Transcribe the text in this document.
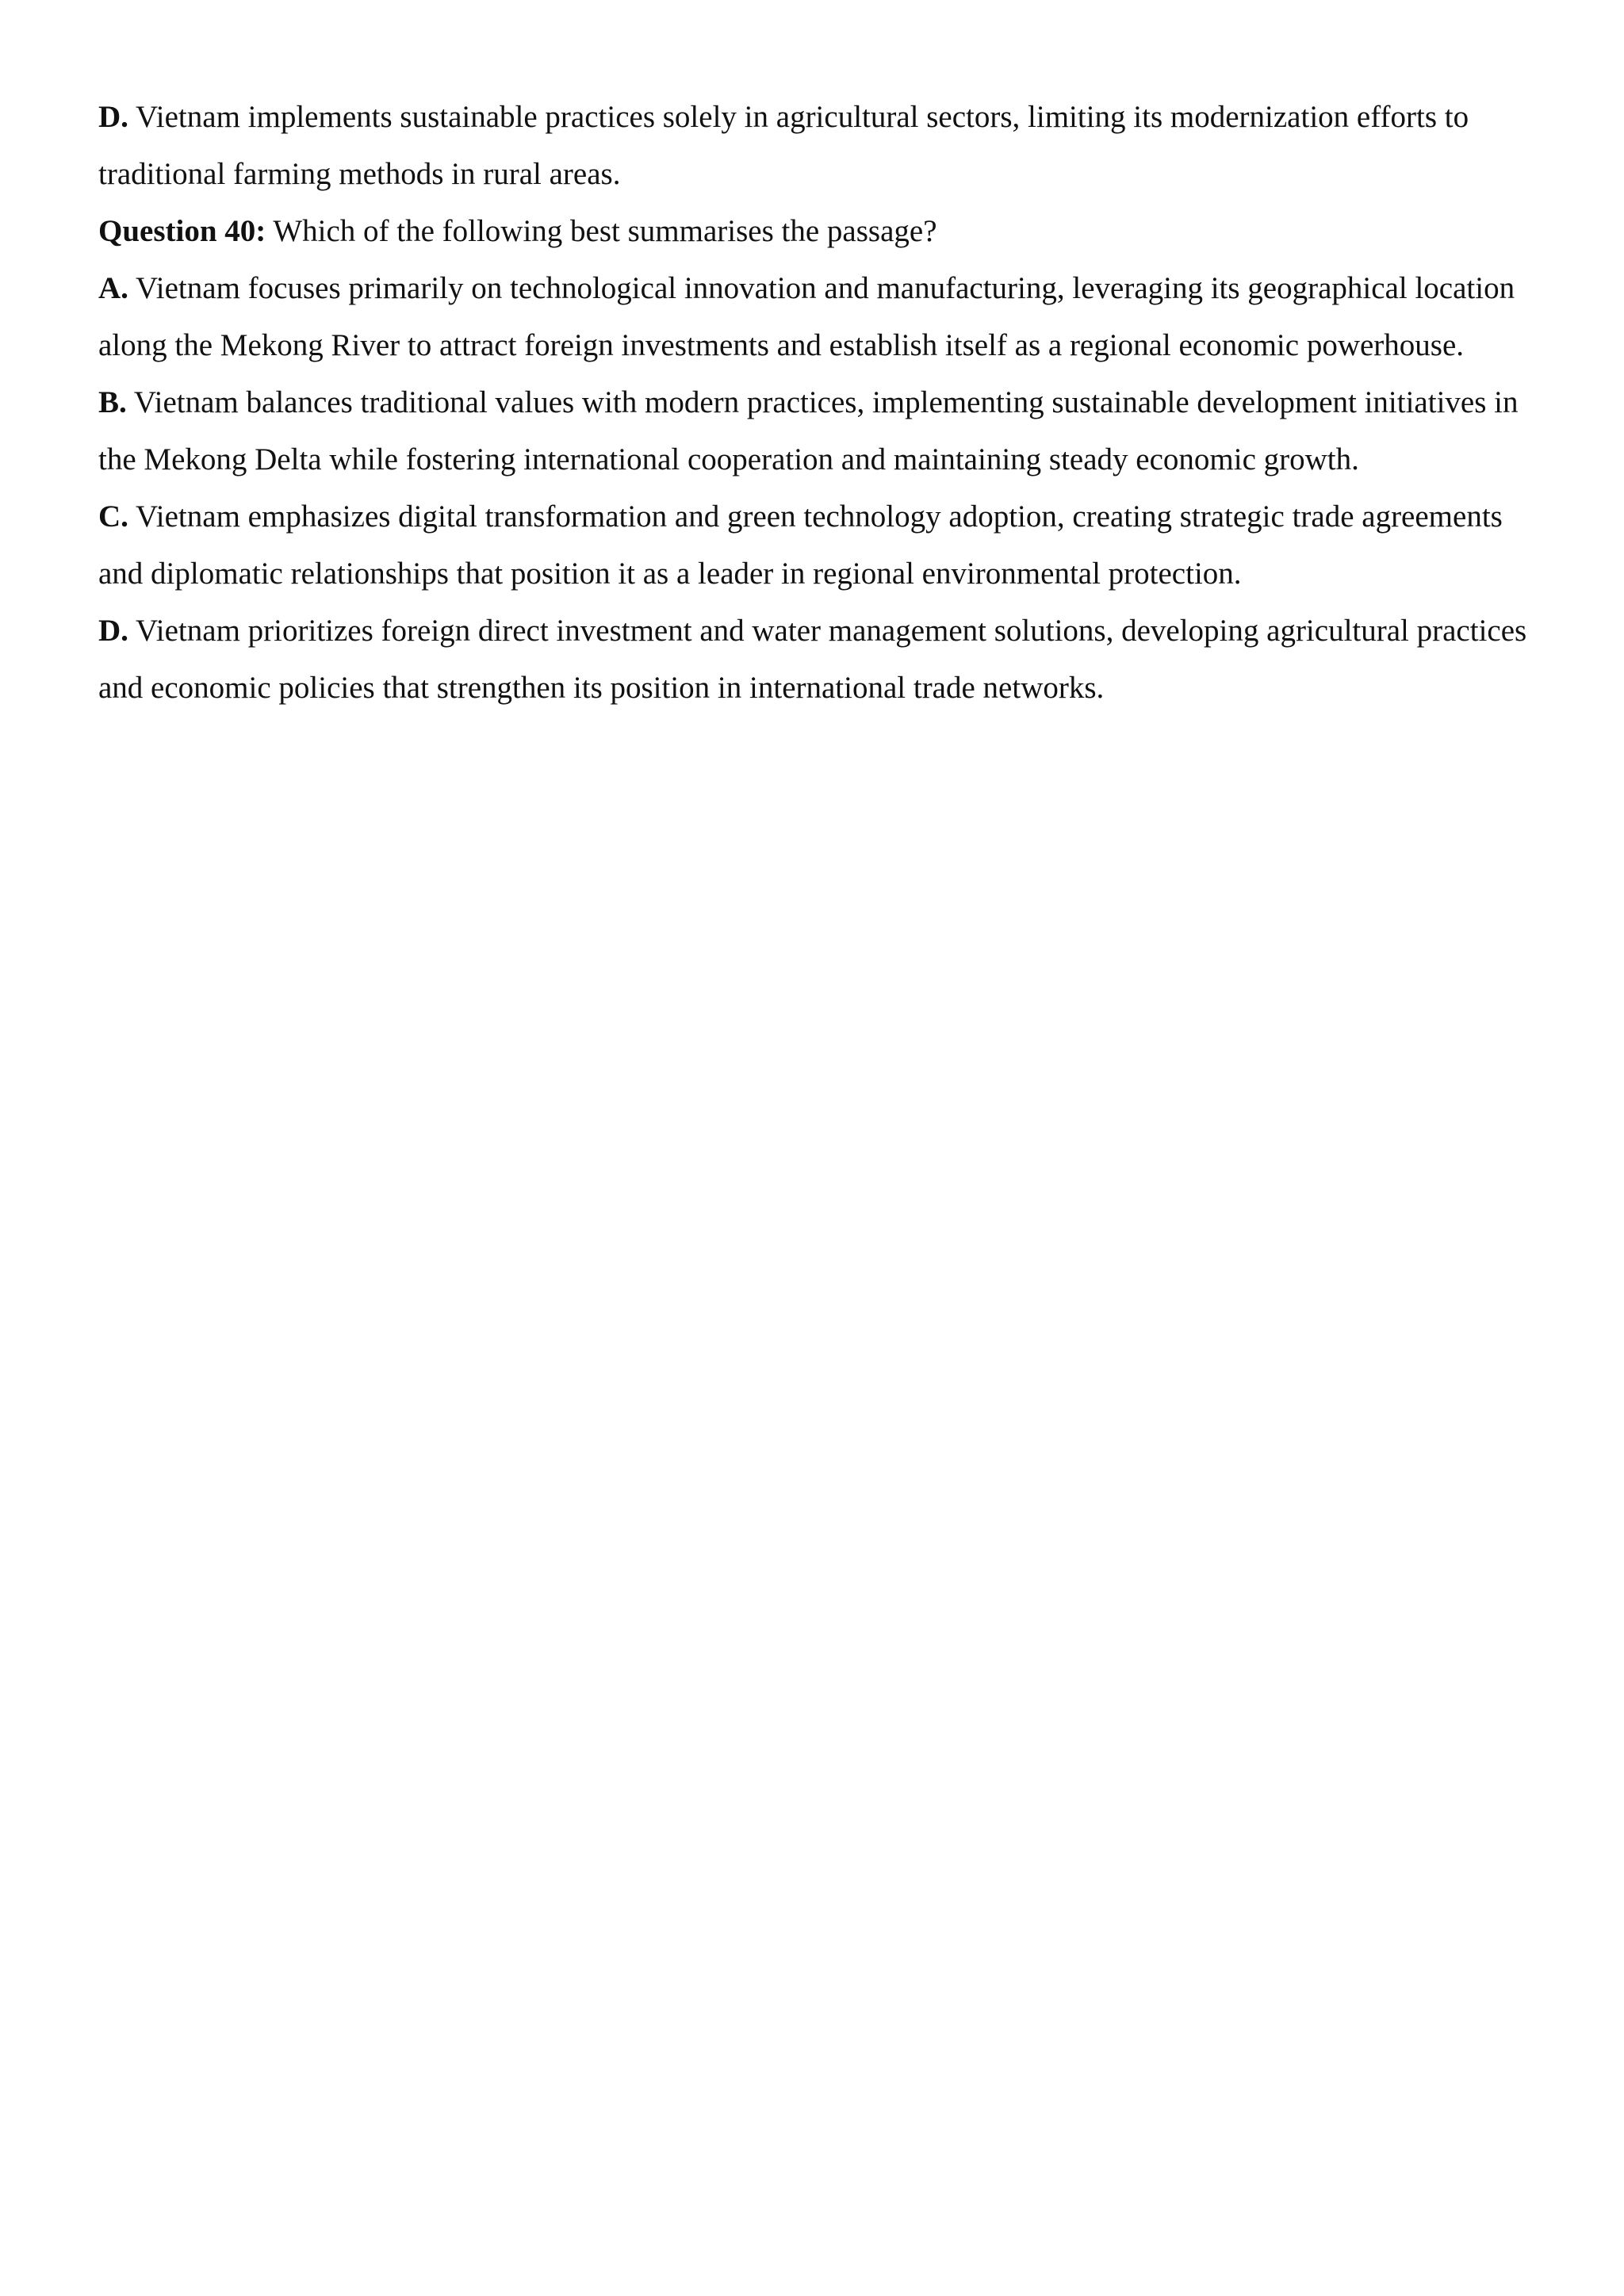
D. Vietnam implements sustainable practices solely in agricultural sectors, limiting its modernization efforts to traditional farming methods in rural areas.

Question 40: Which of the following best summarises the passage?

A. Vietnam focuses primarily on technological innovation and manufacturing, leveraging its geographical location along the Mekong River to attract foreign investments and establish itself as a regional economic powerhouse.

B. Vietnam balances traditional values with modern practices, implementing sustainable development initiatives in the Mekong Delta while fostering international cooperation and maintaining steady economic growth.

C. Vietnam emphasizes digital transformation and green technology adoption, creating strategic trade agreements and diplomatic relationships that position it as a leader in regional environmental protection.

D. Vietnam prioritizes foreign direct investment and water management solutions, developing agricultural practices and economic policies that strengthen its position in international trade networks.
